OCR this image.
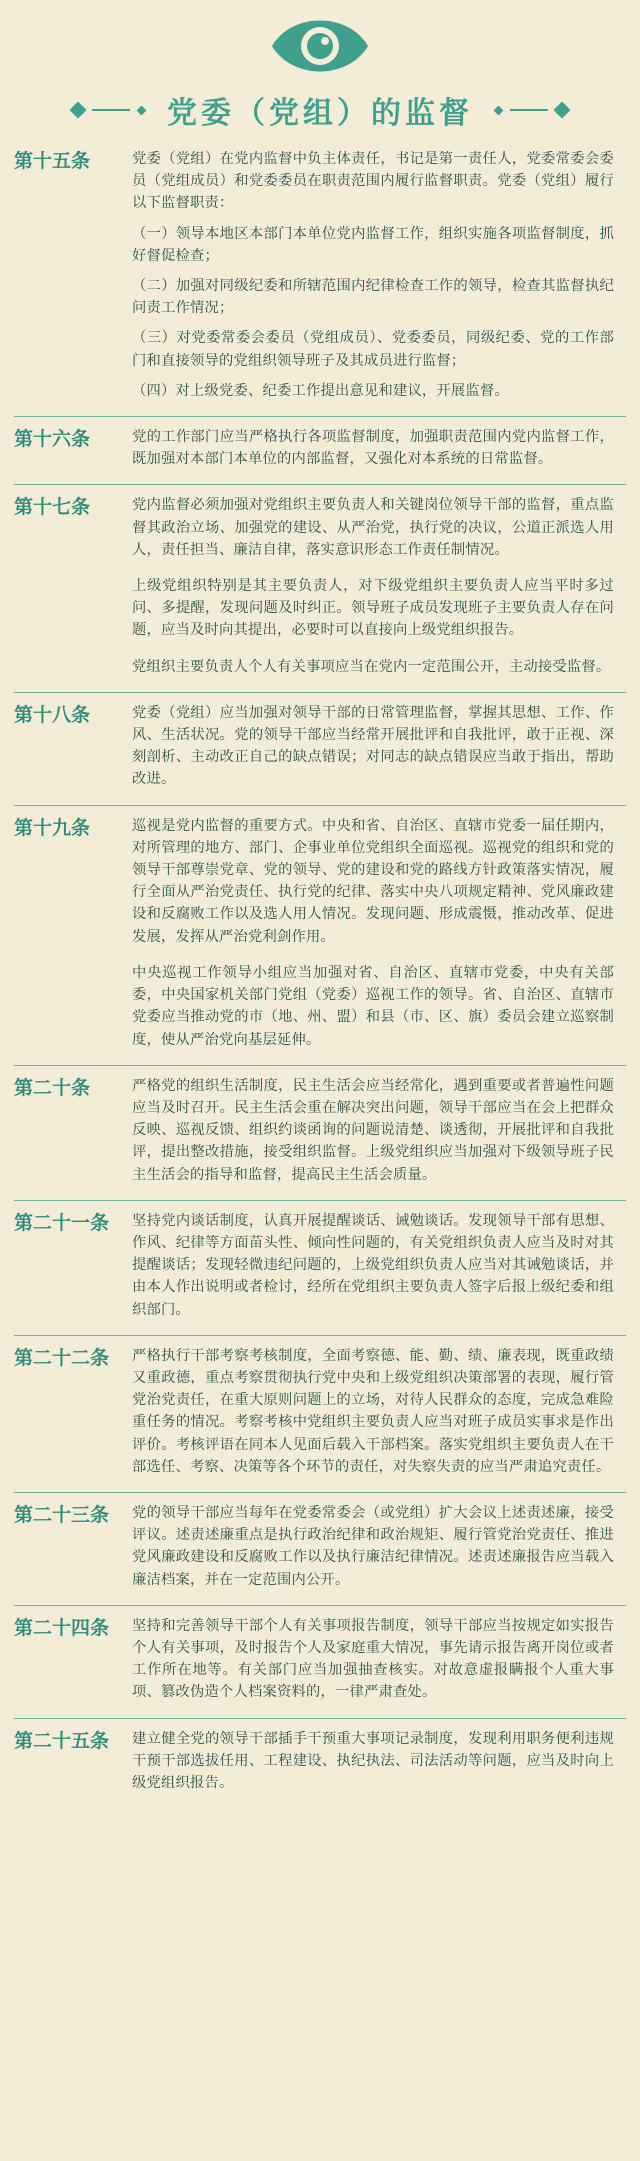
党委（党组）的监督
第十五条	党委（党组）在党内监督中负主体责任，书记是第一责任人，党委常委会委员（党组成员）和党委委员在职责范围内履行监督职责。党委（党组）履行以下监督职责：

（一）领导本地区本部门本单位党内监督工作，组织实施各项监督制度，抓好督促检查；

（二）加强对同级纪委和所辖范围内纪律检查工作的领导，检查其监督执纪问责工作情况；

（三）对党委常委会委员（党组成员）、党委委员，同级纪委、党的工作部门和直接领导的党组织领导班子及其成员进行监督；

（四）对上级党委、纪委工作提出意见和建议，开展监督。

第十六条	党的工作部门应当严格执行各项监督制度，加强职责范围内党内监督工作，既加强对本部门本单位的内部监督，又强化对本系统的日常监督。

第十七条	党内监督必须加强对党组织主要负责人和关键岗位领导干部的监督，重点监督其政治立场、加强党的建设、从严治党，执行党的决议，公道正派选人用人，责任担当、廉洁自律，落实意识形态工作责任制情况。

上级党组织特别是其主要负责人，对下级党组织主要负责人应当平时多过问、多提醒，发现问题及时纠正。领导班子成员发现班子主要负责人存在问题，应当及时向其提出，必要时可以直接向上级党组织报告。

党组织主要负责人个人有关事项应当在党内一定范围公开，主动接受监督。

第十八条	党委（党组）应当加强对领导干部的日常管理监督，掌握其思想、工作、作风、生活状况。党的领导干部应当经常开展批评和自我批评，敢于正视、深刻剖析、主动改正自己的缺点错误；对同志的缺点错误应当敢于指出，帮助改进。

第十九条	巡视是党内监督的重要方式。中央和省、自治区、直辖市党委一届任期内，对所管理的地方、部门、企事业单位党组织全面巡视。巡视党的组织和党的领导干部尊崇党章、党的领导、党的建设和党的路线方针政策落实情况，履行全面从严治党责任、执行党的纪律、落实中央八项规定精神、党风廉政建设和反腐败工作以及选人用人情况。发现问题、形成震慑，推动改革、促进发展，发挥从严治党利剑作用。

中央巡视工作领导小组应当加强对省、自治区、直辖市党委，中央有关部委，中央国家机关部门党组（党委）巡视工作的领导。省、自治区、直辖市党委应当推动党的市（地、州、盟）和县（市、区、旗）委员会建立巡察制度，使从严治党向基层延伸。

第二十条	严格党的组织生活制度，民主生活会应当经常化，遇到重要或者普遍性问题应当及时召开。民主生活会重在解决突出问题，领导干部应当在会上把群众反映、巡视反馈、组织约谈函询的问题说清楚、谈透彻，开展批评和自我批评，提出整改措施，接受组织监督。上级党组织应当加强对下级领导班子民主生活会的指导和监督，提高民主生活会质量。

第二十一条	坚持党内谈话制度，认真开展提醒谈话、诫勉谈话。发现领导干部有思想、作风、纪律等方面苗头性、倾向性问题的，有关党组织负责人应当及时对其提醒谈话；发现轻微违纪问题的，上级党组织负责人应当对其诫勉谈话，并由本人作出说明或者检讨，经所在党组织主要负责人签字后报上级纪委和组织部门。

第二十二条	严格执行干部考察考核制度，全面考察德、能、勤、绩、廉表现，既重政绩又重政德，重点考察贯彻执行党中央和上级党组织决策部署的表现，履行管党治党责任，在重大原则问题上的立场，对待人民群众的态度，完成急难险重任务的情况。考察考核中党组织主要负责人应当对班子成员实事求是作出评价。考核评语在同本人见面后载入干部档案。落实党组织主要负责人在干部选任、考察、决策等各个环节的责任，对失察失责的应当严肃追究责任。

第二十三条	党的领导干部应当每年在党委常委会（或党组）扩大会议上述责述廉，接受评议。述责述廉重点是执行政治纪律和政治规矩、履行管党治党责任、推进党风廉政建设和反腐败工作以及执行廉洁纪律情况。述责述廉报告应当载入廉洁档案，并在一定范围内公开。

第二十四条	坚持和完善领导干部个人有关事项报告制度，领导干部应当按规定如实报告个人有关事项，及时报告个人及家庭重大情况，事先请示报告离开岗位或者工作所在地等。有关部门应当加强抽查核实。对故意虚报瞒报个人重大事项、篡改伪造个人档案资料的，一律严肃查处。

第二十五条	建立健全党的领导干部插手干预重大事项记录制度，发现利用职务便利违规干预干部选拔任用、工程建设、执纪执法、司法活动等问题，应当及时向上级党组织报告。
